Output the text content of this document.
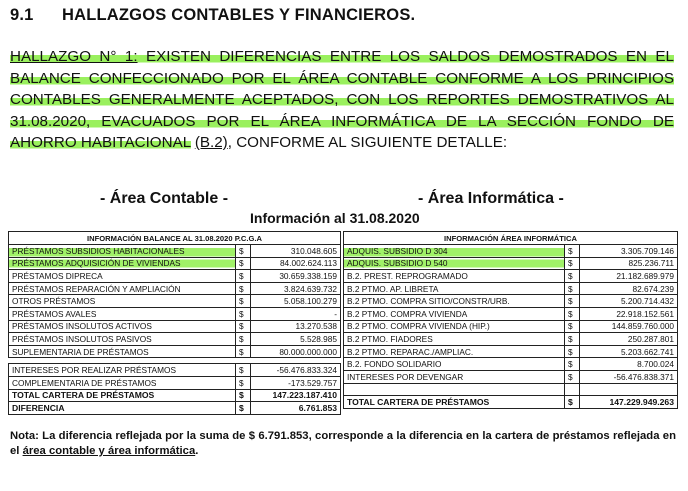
9.1 HALLAZGOS CONTABLES Y FINANCIEROS.
HALLAZGO N° 1: EXISTEN DIFERENCIAS ENTRE LOS SALDOS DEMOSTRADOS EN EL BALANCE CONFECCIONADO POR EL ÁREA CONTABLE CONFORME A LOS PRINCIPIOS CONTABLES GENERALMENTE ACEPTADOS, CON LOS REPORTES DEMOSTRATIVOS AL 31.08.2020, EVACUADOS POR EL ÁREA INFORMÁTICA DE LA SECCIÓN FONDO DE AHORRO HABITACIONAL (B.2), CONFORME AL SIGUIENTE DETALLE:
- Área Contable -	- Área Informática -
Información al 31.08.2020
INFORMACIÓN BALANCE AL 31.08.2020 P.C.G.A		
PRÉSTAMOS SUBSIDIOS HABITACIONALES	$	310.048.605
PRÉSTAMOS ADQUISICIÓN DE VIVIENDAS	$	84.002.624.113
PRÉSTAMOS DIPRECA	$	30.659.338.159
PRÉSTAMOS REPARACIÓN Y AMPLIACIÓN	$	3.824.639.732
OTROS PRÉSTAMOS	$	5.058.100.279
PRÉSTAMOS AVALES	$	-
PRÉSTAMOS INSOLUTOS ACTIVOS	$	13.270.538
PRÉSTAMOS INSOLUTOS PASIVOS	$	5.528.985
SUPLEMENTARIA DE PRÉSTAMOS	$	80.000.000.000

INTERESES POR REALIZAR PRÉSTAMOS	$	-56.476.833.324
COMPLEMENTARIA DE PRÉSTAMOS	$	-173.529.757
TOTAL CARTERA DE PRÉSTAMOS	$	147.223.187.410
DIFERENCIA	$	6.761.853
INFORMACIÓN ÁREA INFORMÁTICA		
ADQUIS. SUBSIDIO D 304	$	3.305.709.146
ADQUIS. SUBSIDIO D 540	$	825.236.711
B.2. PREST. REPROGRAMADO	$	21.182.689.979
B.2 PTMO. AP. LIBRETA	$	82.674.239
B.2 PTMO. COMPRA SITIO/CONSTR/URB.	$	5.200.714.432
B.2 PTMO. COMPRA VIVIENDA	$	22.918.152.561
B.2 PTMO. COMPRA VIVIENDA (HIP.)	$	144.859.760.000
B.2 PTMO. FIADORES	$	250.287.801
B.2 PTMO. REPARAC./AMPLIAC.	$	5.203.662.741
B.2. FONDO SOLIDARIO	$	8.700.024
INTERESES POR DEVENGAR	$	-56.476.838.371

TOTAL CARTERA DE PRÉSTAMOS	$	147.229.949.263
Nota: La diferencia reflejada por la suma de $ 6.791.853, corresponde a la diferencia en la cartera de préstamos reflejada en el área contable y área informática.
